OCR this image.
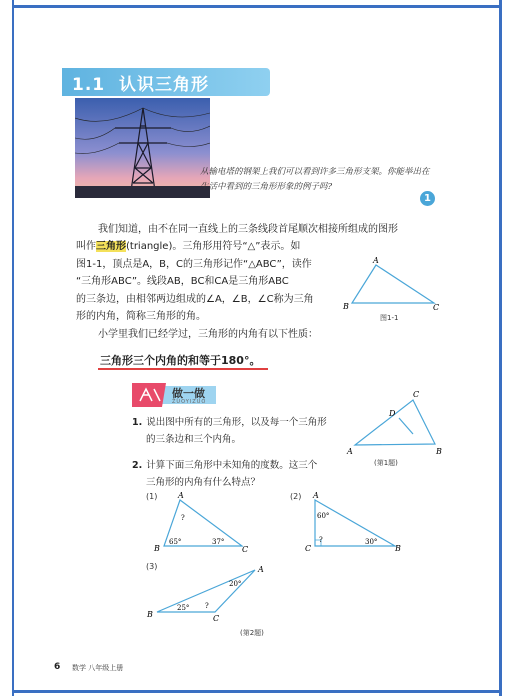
1.1 认识三角形
从输电塔的钢架上我们可以看到许多三角形支架。你能举出在生活中看到的三角形形象的例子吗?
1
我们知道，由不在同一直线上的三条线段首尾顺次相接所组成的图形
叫作三角形(triangle)。三角形用符号“△”表示。如
图1-1，顶点是A，B，C的三角形记作“△ABC”，读作
“三角形ABC”。线段AB，BC和CA是三角形ABC
的三条边，由相邻两边组成的∠A，∠B，∠C称为三角
形的内角，简称三角形的角。
小学里我们已经学过，三角形的内角有以下性质：
三角形三个内角的和等于180°。
A
B	C
图1-1
做一做
ZUOYIZUO
1. 说出图中所有的三角形，以及每一个三角形
的三条边和三个内角。
2. 计算下面三角形中未知角的度数。这三个
三角形的内角有什么特点？
C
D
A	B
(第1题)
(1)	A
B	C
?
65°	37°
(2) A
C	B
60°
?	30°
(3)	A
B	C
20°
25° ?
(第2题)
6 数学 八年级上册
